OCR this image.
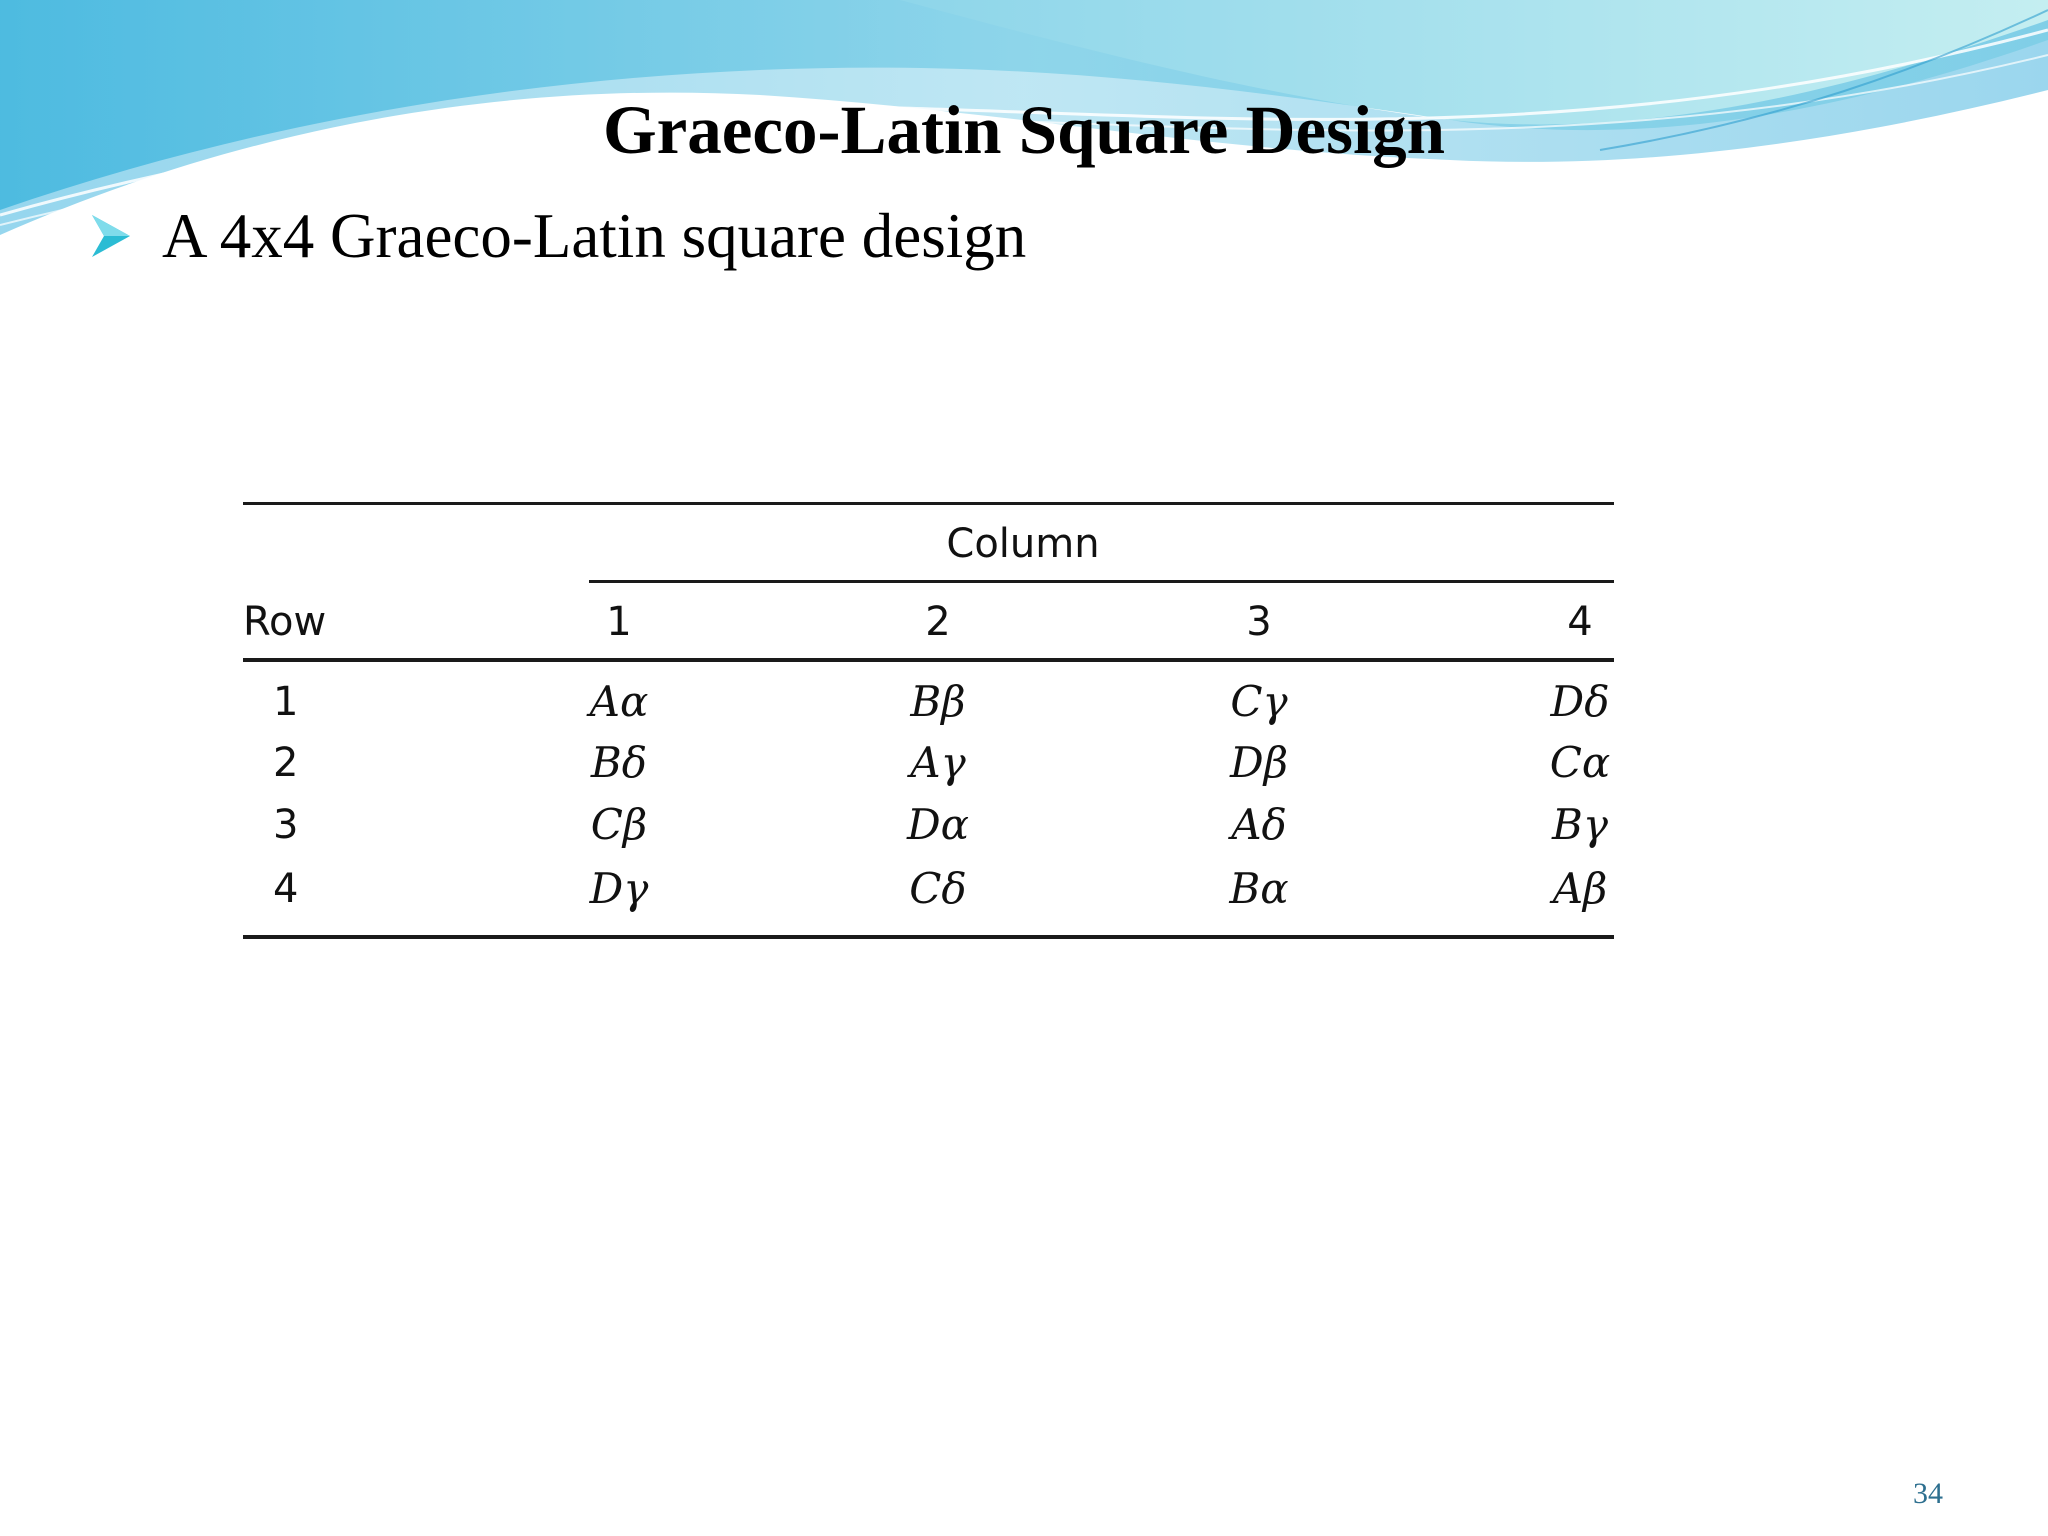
Graeco-Latin Square Design
A 4x4 Graeco-Latin square design
Column
Row	1	2	3	4
1	Aα	Bβ	Cγ	Dδ
2	Bδ	Aγ	Dβ	Cα
3	Cβ	Dα	Aδ	Bγ
4	Dγ	Cδ	Bα	Aβ
34
